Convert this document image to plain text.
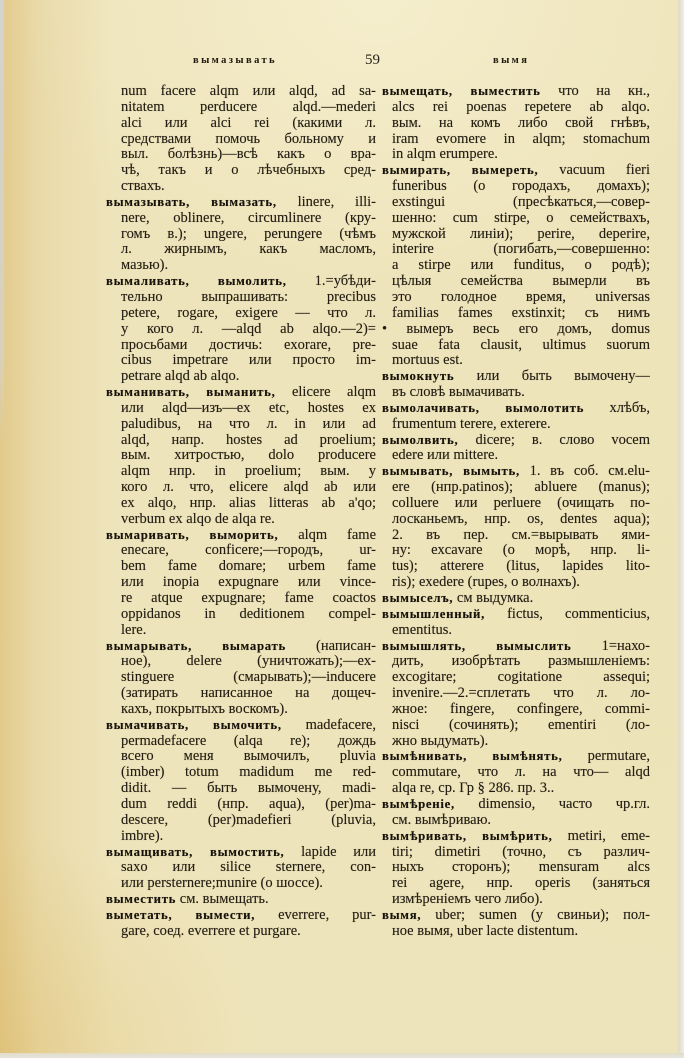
вымазывать	59	вымя
num facere alqm или alqd, ad sa-
nitatem perducere alqd.—mederi
alci или alci rei (какими л.
средствами помочь больному и
выл. болѣзнь)—всѣ какъ о вра-
чѣ, такъ и о лѣчебныхъ сред-
ствахъ.
вымазывать, вымазать, linere, illi-
nere, oblinere, circumlinere (кру-
гомъ в.); ungere, perungere (чѣмъ
л. жирнымъ, какъ масломъ,
мазью).
вымаливать, вымолить, 1.=убѣди-
тельно выпрашивать: precibus
petere, rogare, exigere — что л.
у кого л. —alqd ab alqo.—2)=
просьбами достичь: exorare, pre-
cibus impetrare или просто im-
petrare alqd ab alqo.
выманивать, выманить, elicere alqm
или alqd—изъ—ex etc, hostes ex
paludibus, на что л. in или ad
alqd, напр. hostes ad proelium;
вым. хитростью, dolo producere
alqm нпр. in proelium; вым. у
кого л. что, elicere alqd ab или
ex alqo, нпр. alias litteras ab a'qo;
verbum ex alqo de alqa re.
вымаривать, выморить, alqm fame
enecare, conficere;—городъ, ur-
bem fame domare; urbem fame
или inopia expugnare или vince-
re atque expugnare; fame coactos
oppidanos in deditionem compel-
lere.
вымарывать, вымарать (написан-
ное), delere (уничтожать);—ex-
stinguere (смарывать);—inducere
(затирать написанное на дощеч-
кахъ, покрытыхъ воскомъ).
вымачивать, вымочить, madefacere,
permadefacere (alqa re); дождь
всего меня вымочилъ, pluvia
(imber) totum madidum me red-
didit. — быть вымочену, madi-
dum reddi (нпр. aqua), (per)ma-
descere, (per)madefieri (pluvia,
imbre).
вымащивать, вымостить, lapide или
saxo или silice sternere, con-
или persternere;munire (о шоссе).
выместить см. вымещать.
выметать, вымести, everrere, pur-
gare, соед. everrere et purgare.
вымещать, выместить что на кн.,
alcs rei poenas repetere ab alqo.
вым. на комъ либо свой гнѣвъ,
iram evomere in alqm; stomachum
in alqm erumpere.
вымирать, вымереть, vacuum fieri
funeribus (о городахъ, домахъ);
exstingui (пресѣкаться,—совер-
шенно: cum stirpe, о семействахъ,
мужской линіи); perire, deperire,
interire (погибать,—совершенно:
a stirpe или funditus, о родѣ);
цѣлыя семейства вымерли въ
это голодное время, universas
familias fames exstinxit; съ нимъ
• вымеръ весь его домъ, domus
suae fata clausit, ultimus suorum
mortuus est.
вымокнуть или быть вымочену—
въ словѣ вымачивать.
вымолачивать, вымолотить хлѣбъ,
frumentum terere, exterere.
вымолвить, dicere; в. слово vocem
edere или mittere.
вымывать, вымыть, 1. въ соб. см.elu-
ere (нпр.patinos); abluere (manus);
colluere или perluere (очищать по-
лосканьемъ, нпр. os, dentes aqua);
2. въ пер. см.=вырывать ями-
ну: excavare (о морѣ, нпр. li-
tus); atterere (litus, lapides lito-
ris); exedere (rupes, о волнахъ).
вымыселъ, см выдумка.
вымышленный, fictus, commenticius,
ementitus.
вымышлять, вымыслить 1=нахо-
дить, изобрѣтать размышленіемъ:
excogitare; cogitatione assequi;
invenire.—2.=сплетать что л. ло-
жное: fingere, confingere, commi-
nisci (сочинять); ementiri (ло-
жно выдумать).
вымѣнивать, вымѣнять, permutare,
commutare, что л. на что— alqd
alqa re, ср. Гр § 286. пр. 3..
вымѣреніе, dimensio, часто чр.гл.
см. вымѣриваю.
вымѣривать, вымѣрить, metiri, eme-
tiri; dimetiri (точно, съ различ-
ныхъ сторонъ); mensuram alcs
rei agere, нпр. operis (заняться
измѣреніемъ чего либо).
вымя, uber; sumen (у свиньи); пол-
ное вымя, uber lacte distentum.
